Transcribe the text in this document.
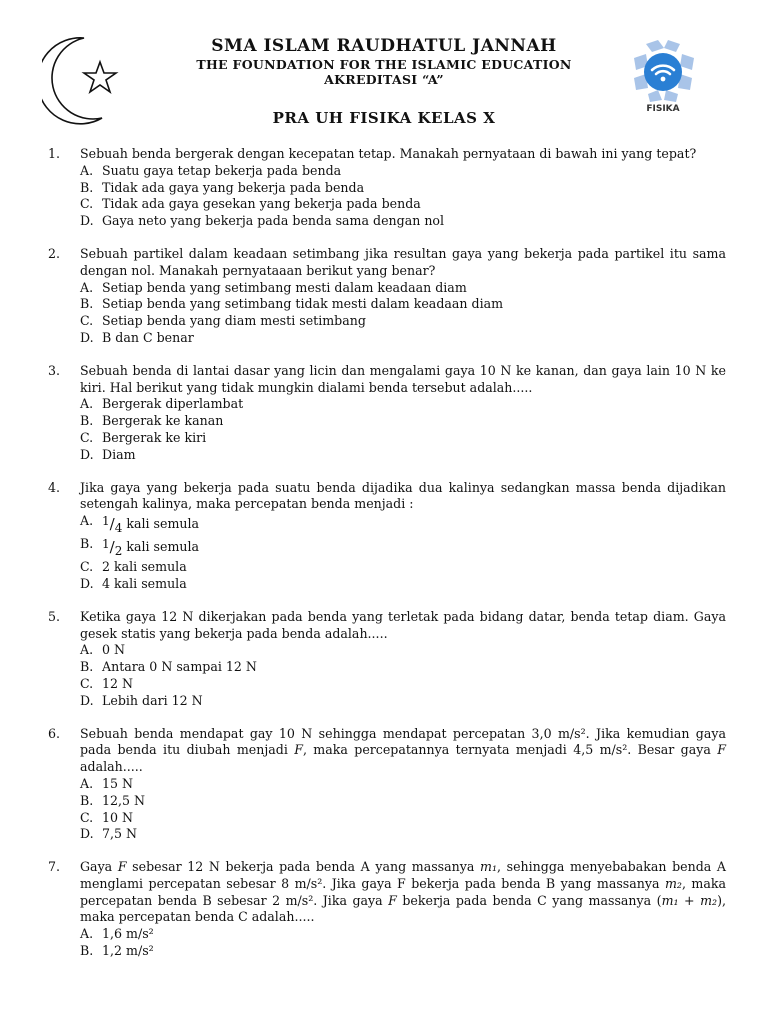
SMA ISLAM RAUDHATUL JANNAH
THE FOUNDATION FOR THE ISLAMIC EDUCATION
AKREDITASI “A”
FISIKA
PRA UH FISIKA KELAS X
1. Sebuah benda bergerak dengan kecepatan tetap. Manakah pernyataan di bawah ini yang tepat?
A. Suatu gaya tetap bekerja pada benda
B. Tidak ada gaya yang bekerja pada benda
C. Tidak ada gaya gesekan yang bekerja pada benda
D. Gaya neto yang bekerja pada benda sama dengan nol
2. Sebuah partikel dalam keadaan setimbang jika resultan gaya yang bekerja pada partikel itu sama dengan nol. Manakah pernyataaan berikut yang benar?
A. Setiap benda yang setimbang mesti dalam keadaan diam
B. Setiap benda yang setimbang tidak mesti dalam keadaan diam
C. Setiap benda yang diam mesti setimbang
D. B dan C benar
3. Sebuah benda di lantai dasar yang licin dan mengalami gaya 10 N ke kanan, dan gaya lain 10 N ke kiri. Hal berikut yang tidak mungkin dialami benda tersebut adalah.....
A. Bergerak diperlambat
B. Bergerak ke kanan
C. Bergerak ke kiri
D. Diam
4. Jika gaya yang bekerja pada suatu benda dijadika dua kalinya sedangkan massa benda dijadikan setengah kalinya, maka percepatan benda menjadi :
A. $^1/_4$ kali semula
B. $^1/_2$ kali semula
C. 2 kali semula
D. 4 kali semula
5. Ketika gaya 12 N dikerjakan pada benda yang terletak pada bidang datar, benda tetap diam. Gaya gesek statis yang bekerja pada benda adalah.....
A. 0 N
B. Antara 0 N sampai 12 N
C. 12 N
D. Lebih dari 12 N
6. Sebuah benda mendapat gay 10 N sehingga mendapat percepatan 3,0 m/s². Jika kemudian gaya pada benda itu diubah menjadi F, maka percepatannya ternyata menjadi 4,5 m/s². Besar gaya F adalah.....
A. 15 N
B. 12,5 N
C. 10 N
D. 7,5 N
7. Gaya F sebesar 12 N bekerja pada benda A yang massanya m₁, sehingga menyebabakan benda A menglami percepatan sebesar 8 m/s². Jika gaya F bekerja pada benda B yang massanya m₂, maka percepatan benda B sebesar 2 m/s². Jika gaya F bekerja pada benda C yang massanya (m₁ + m₂), maka percepatan benda C adalah.....
A. 1,6 m/s²
B. 1,2 m/s²
